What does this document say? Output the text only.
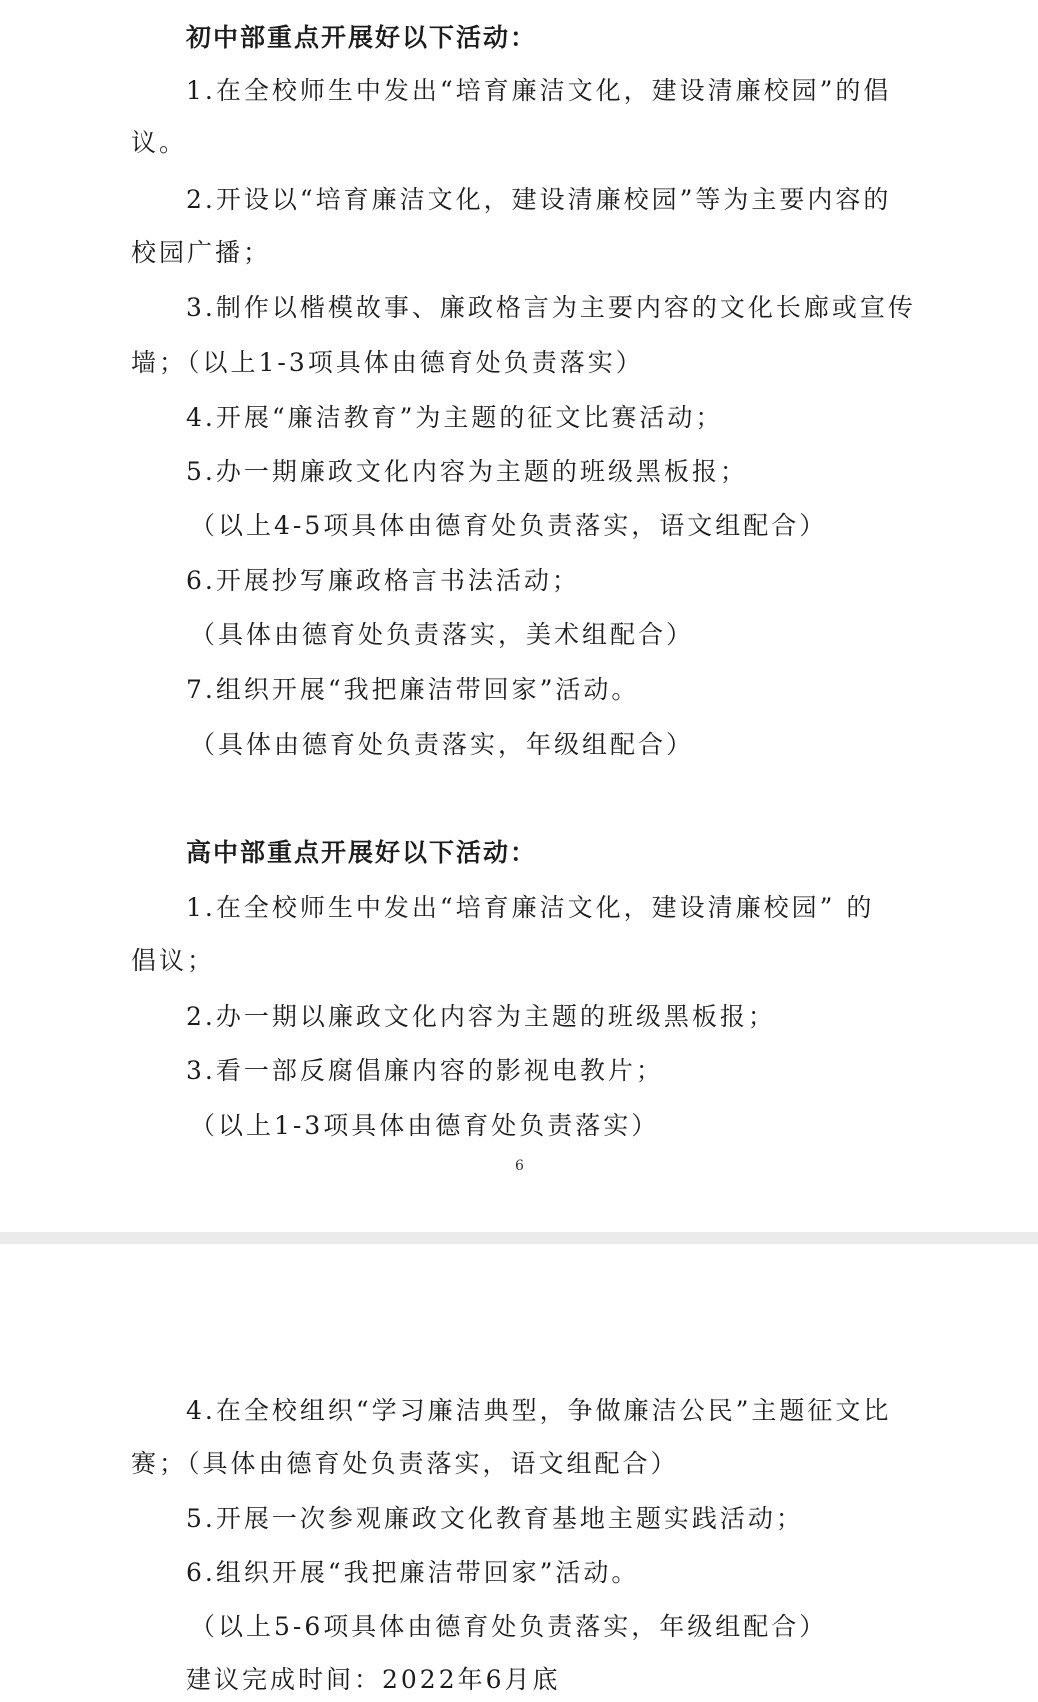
初中部重点开展好以下活动：
1.在全校师生中发出“培育廉洁文化，建设清廉校园”的倡
议。
2.开设以“培育廉洁文化，建设清廉校园”等为主要内容的
校园广播；
3.制作以楷模故事、廉政格言为主要内容的文化长廊或宣传
墙；（以上1-3项具体由德育处负责落实）
4.开展“廉洁教育”为主题的征文比赛活动；
5.办一期廉政文化内容为主题的班级黑板报；
（以上4-5项具体由德育处负责落实，语文组配合）
6.开展抄写廉政格言书法活动；
（具体由德育处负责落实，美术组配合）
7.组织开展“我把廉洁带回家”活动。
（具体由德育处负责落实，年级组配合）
高中部重点开展好以下活动：
1.在全校师生中发出“培育廉洁文化，建设清廉校园” 的
倡议；
2.办一期以廉政文化内容为主题的班级黑板报；
3.看一部反腐倡廉内容的影视电教片；
（以上1-3项具体由德育处负责落实）
6
4.在全校组织“学习廉洁典型，争做廉洁公民”主题征文比
赛；（具体由德育处负责落实，语文组配合）
5.开展一次参观廉政文化教育基地主题实践活动；
6.组织开展“我把廉洁带回家”活动。
（以上5-6项具体由德育处负责落实，年级组配合）
建议完成时间：2022年6月底
